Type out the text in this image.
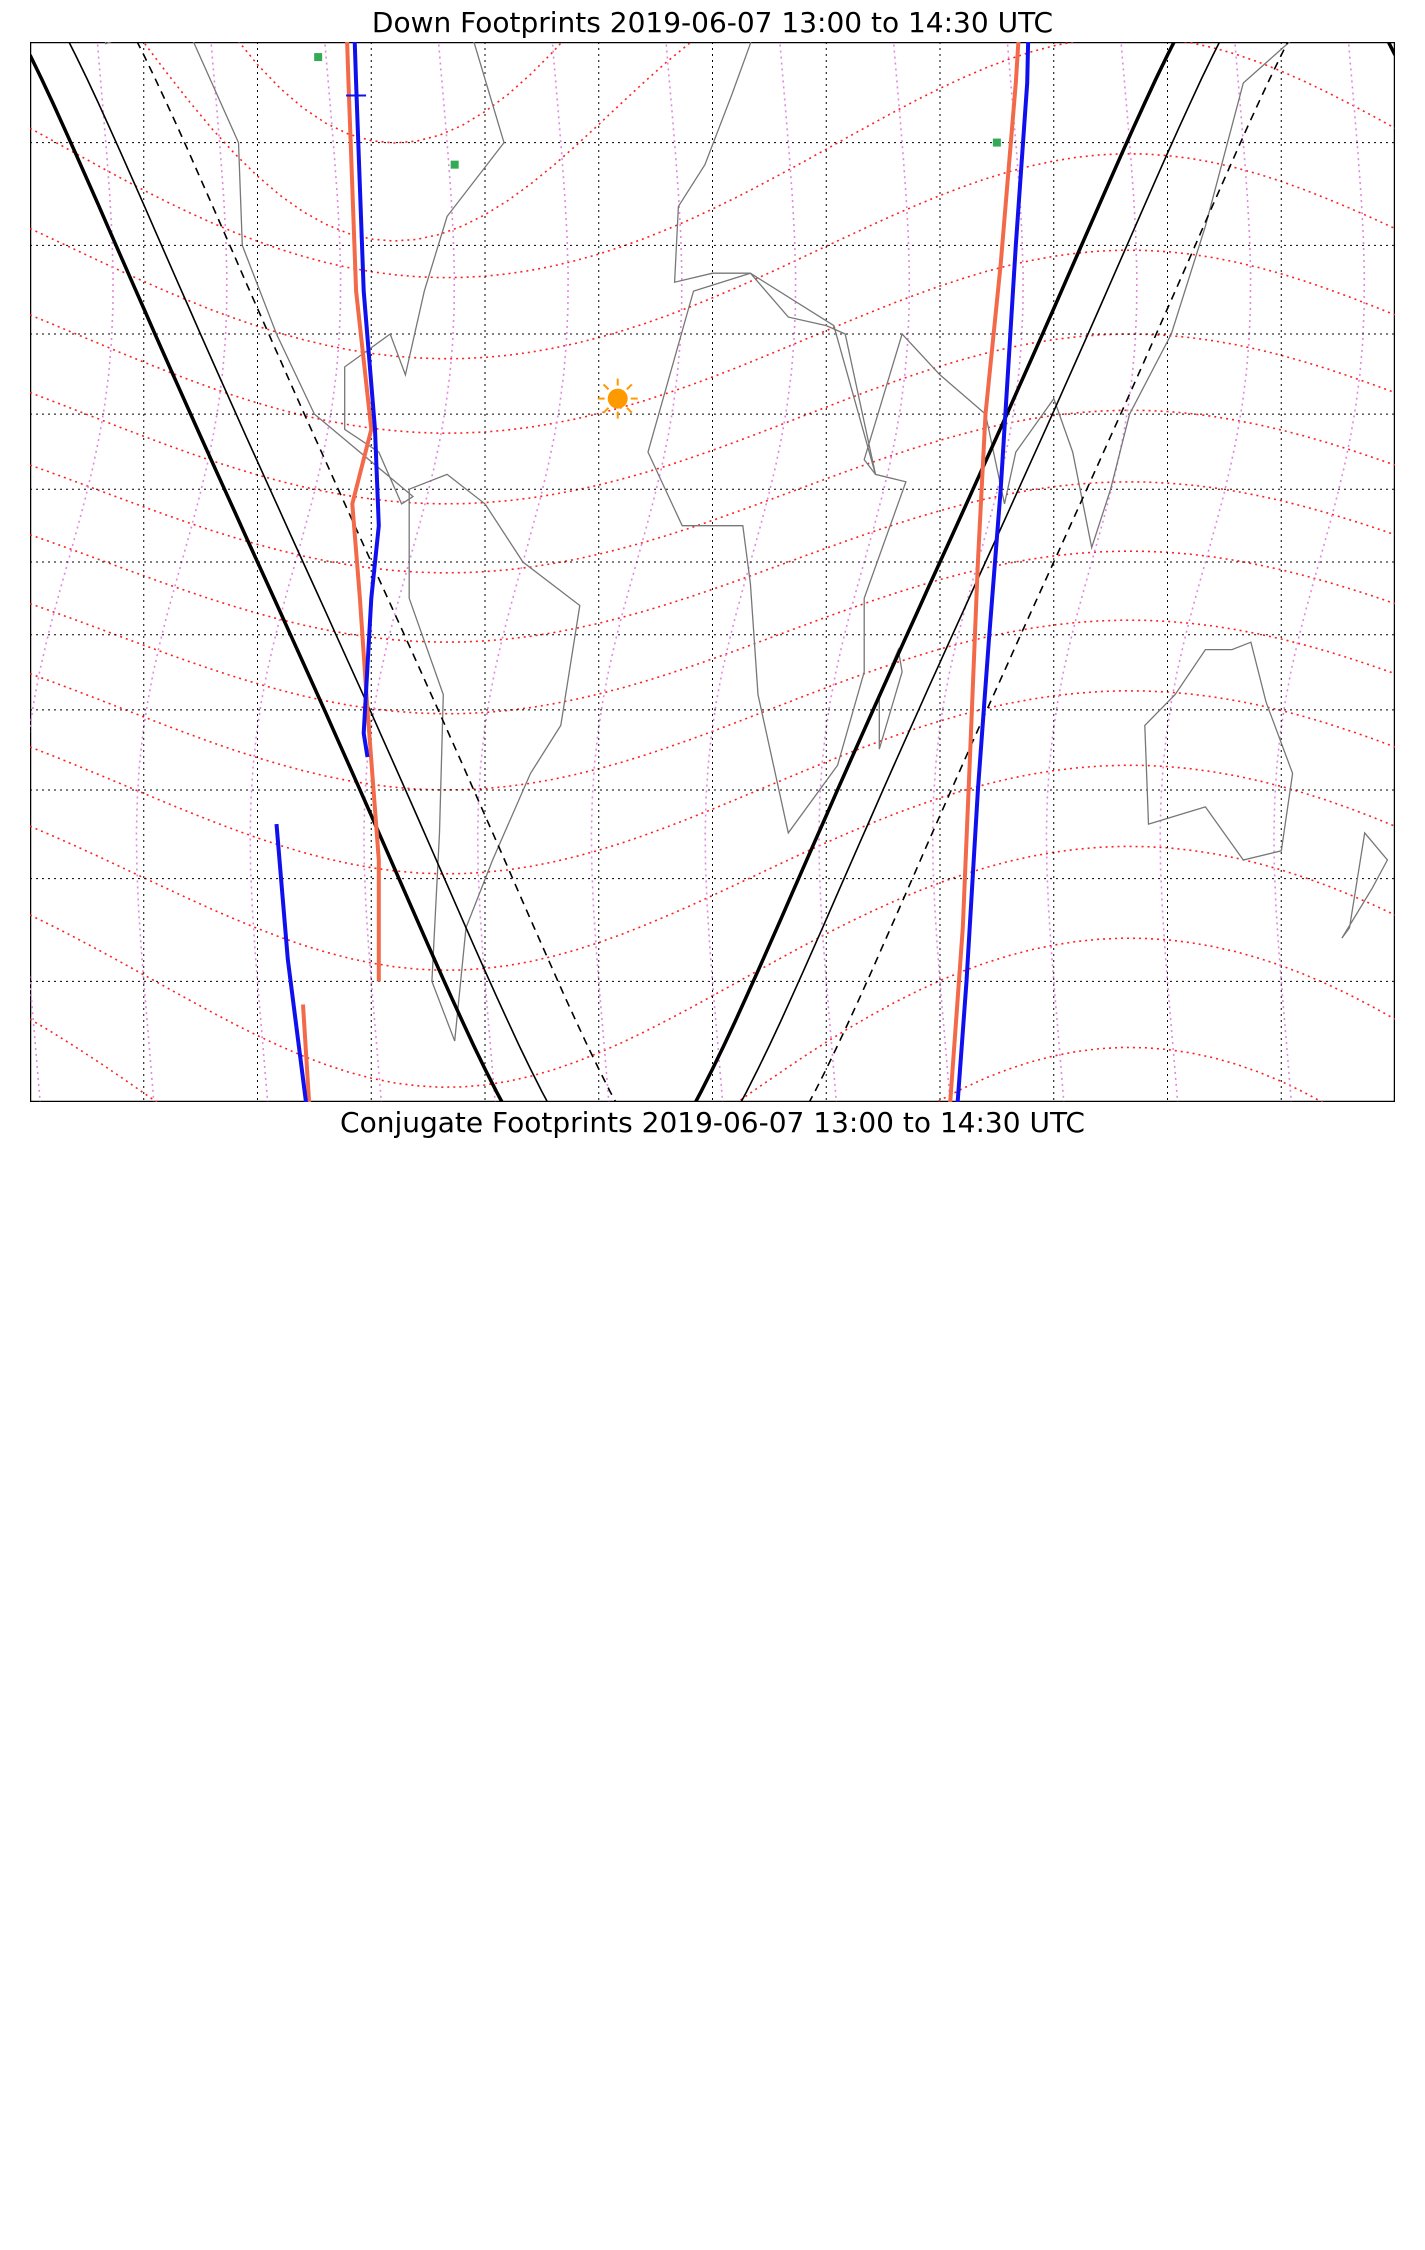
Down Footprints 2019-06-07 13:00 to 14:30 UTC
Conjugate Footprints 2019-06-07 13:00 to 14:30 UTC
